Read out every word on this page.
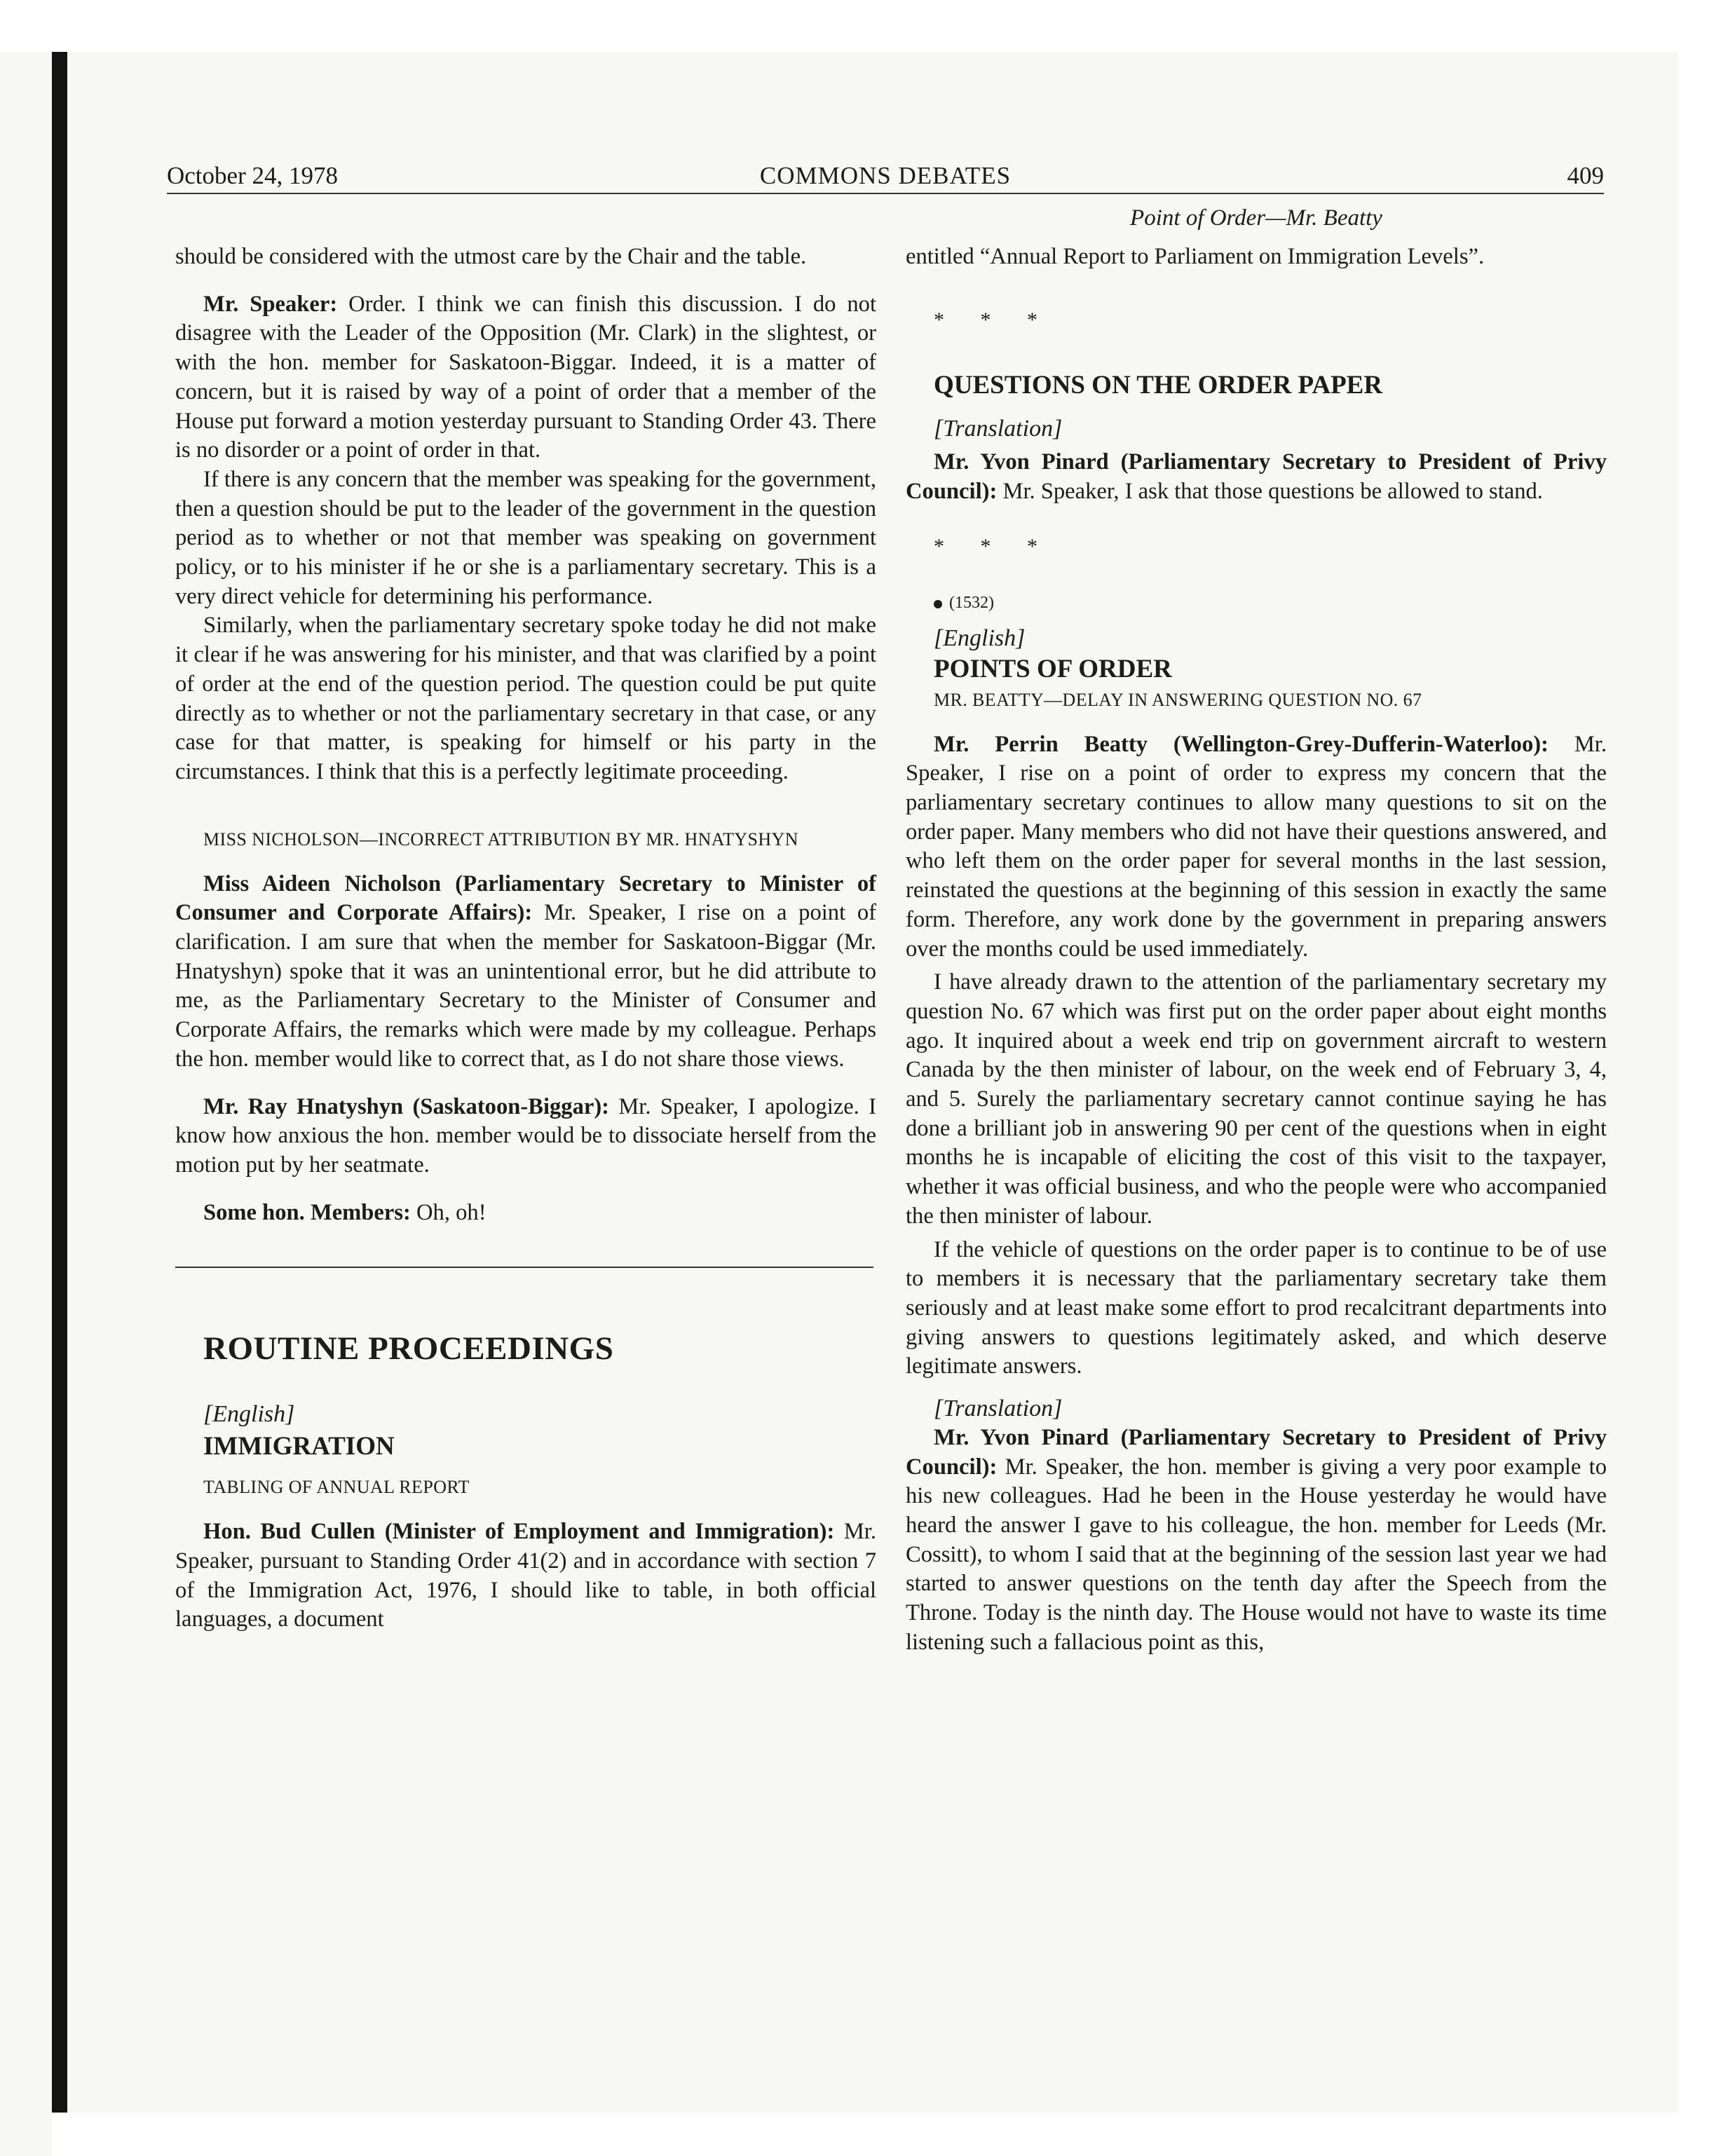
October 24, 1978	COMMONS DEBATES	409

Point of Order—Mr. Beatty

should be considered with the utmost care by the Chair and the table.

Mr. Speaker: Order. I think we can finish this discussion. I do not disagree with the Leader of the Opposition (Mr. Clark) in the slightest, or with the hon. member for Saskatoon-Biggar. Indeed, it is a matter of concern, but it is raised by way of a point of order that a member of the House put forward a motion yesterday pursuant to Standing Order 43. There is no disorder or a point of order in that.

If there is any concern that the member was speaking for the government, then a question should be put to the leader of the government in the question period as to whether or not that member was speaking on government policy, or to his minister if he or she is a parliamentary secretary. This is a very direct vehicle for determining his performance.

Similarly, when the parliamentary secretary spoke today he did not make it clear if he was answering for his minister, and that was clarified by a point of order at the end of the question period. The question could be put quite directly as to whether or not the parliamentary secretary in that case, or any case for that matter, is speaking for himself or his party in the circumstances. I think that this is a perfectly legitimate proceeding.

MISS NICHOLSON—INCORRECT ATTRIBUTION BY MR. HNATYSHYN

Miss Aideen Nicholson (Parliamentary Secretary to Minister of Consumer and Corporate Affairs): Mr. Speaker, I rise on a point of clarification. I am sure that when the member for Saskatoon-Biggar (Mr. Hnatyshyn) spoke that it was an unintentional error, but he did attribute to me, as the Parliamentary Secretary to the Minister of Consumer and Corporate Affairs, the remarks which were made by my colleague. Perhaps the hon. member would like to correct that, as I do not share those views.

Mr. Ray Hnatyshyn (Saskatoon-Biggar): Mr. Speaker, I apologize. I know how anxious the hon. member would be to dissociate herself from the motion put by her seatmate.

Some hon. Members: Oh, oh!

ROUTINE PROCEEDINGS

[English]

IMMIGRATION

TABLING OF ANNUAL REPORT

Hon. Bud Cullen (Minister of Employment and Immigration): Mr. Speaker, pursuant to Standing Order 41(2) and in accordance with section 7 of the Immigration Act, 1976, I should like to table, in both official languages, a document

entitled “Annual Report to Parliament on Immigration Levels”.

* * *

QUESTIONS ON THE ORDER PAPER

[Translation]

Mr. Yvon Pinard (Parliamentary Secretary to President of Privy Council): Mr. Speaker, I ask that those questions be allowed to stand.

* * *

(1532)

[English]

POINTS OF ORDER

MR. BEATTY—DELAY IN ANSWERING QUESTION NO. 67

Mr. Perrin Beatty (Wellington-Grey-Dufferin-Waterloo): Mr. Speaker, I rise on a point of order to express my concern that the parliamentary secretary continues to allow many questions to sit on the order paper. Many members who did not have their questions answered, and who left them on the order paper for several months in the last session, reinstated the questions at the beginning of this session in exactly the same form. Therefore, any work done by the government in preparing answers over the months could be used immediately.

I have already drawn to the attention of the parliamentary secretary my question No. 67 which was first put on the order paper about eight months ago. It inquired about a week end trip on government aircraft to western Canada by the then minister of labour, on the week end of February 3, 4, and 5. Surely the parliamentary secretary cannot continue saying he has done a brilliant job in answering 90 per cent of the questions when in eight months he is incapable of eliciting the cost of this visit to the taxpayer, whether it was official business, and who the people were who accompanied the then minister of labour.

If the vehicle of questions on the order paper is to continue to be of use to members it is necessary that the parliamentary secretary take them seriously and at least make some effort to prod recalcitrant departments into giving answers to questions legitimately asked, and which deserve legitimate answers.

[Translation]

Mr. Yvon Pinard (Parliamentary Secretary to President of Privy Council): Mr. Speaker, the hon. member is giving a very poor example to his new colleagues. Had he been in the House yesterday he would have heard the answer I gave to his colleague, the hon. member for Leeds (Mr. Cossitt), to whom I said that at the beginning of the session last year we had started to answer questions on the tenth day after the Speech from the Throne. Today is the ninth day. The House would not have to waste its time listening such a fallacious point as this,
